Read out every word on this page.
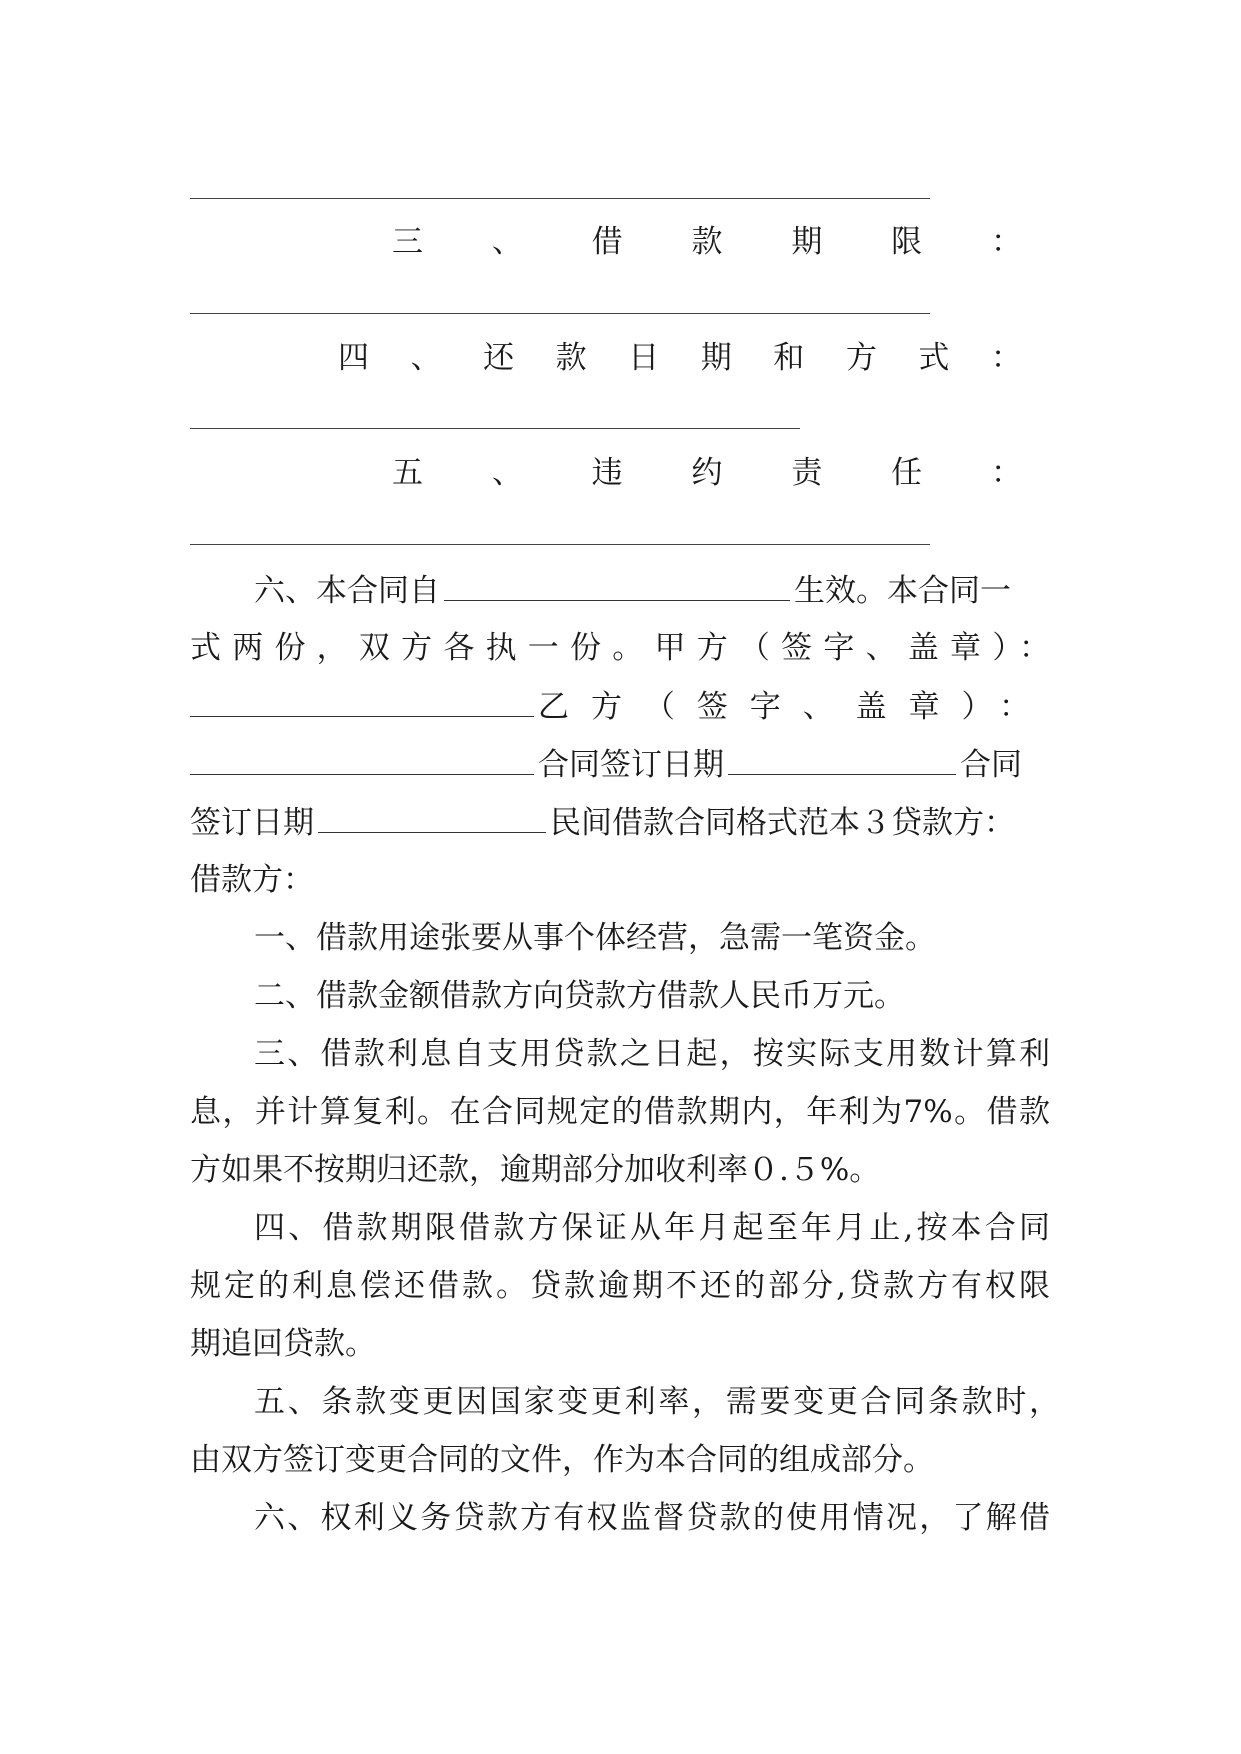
三 、 借 款 期 限 ：
四 、 还 款 日 期 和 方 式 ：
五 、 违 约 责 任 ：
六、本合同自	生效。本合同一
式两份，双方各执一份。甲方（签字、盖章）：
乙方（签字、盖章）：
合同签订日期	合同
签订日期	民间借款合同格式范本３贷款方：
借款方：
一、借款用途张要从事个体经营，急需一笔资金。
二、借款金额借款方向贷款方借款人民币万元。
三、借款利息自支用贷款之日起，按实际支用数计算利
息，并计算复利。在合同规定的借款期内，年利为7%。借款
方如果不按期归还款，逾期部分加收利率０.５%。
四、借款期限借款方保证从年月起至年月止,按本合同
规定的利息偿还借款。贷款逾期不还的部分,贷款方有权限
期追回贷款。
五、条款变更因国家变更利率，需要变更合同条款时，
由双方签订变更合同的文件，作为本合同的组成部分。
六、权利义务贷款方有权监督贷款的使用情况，了解借
